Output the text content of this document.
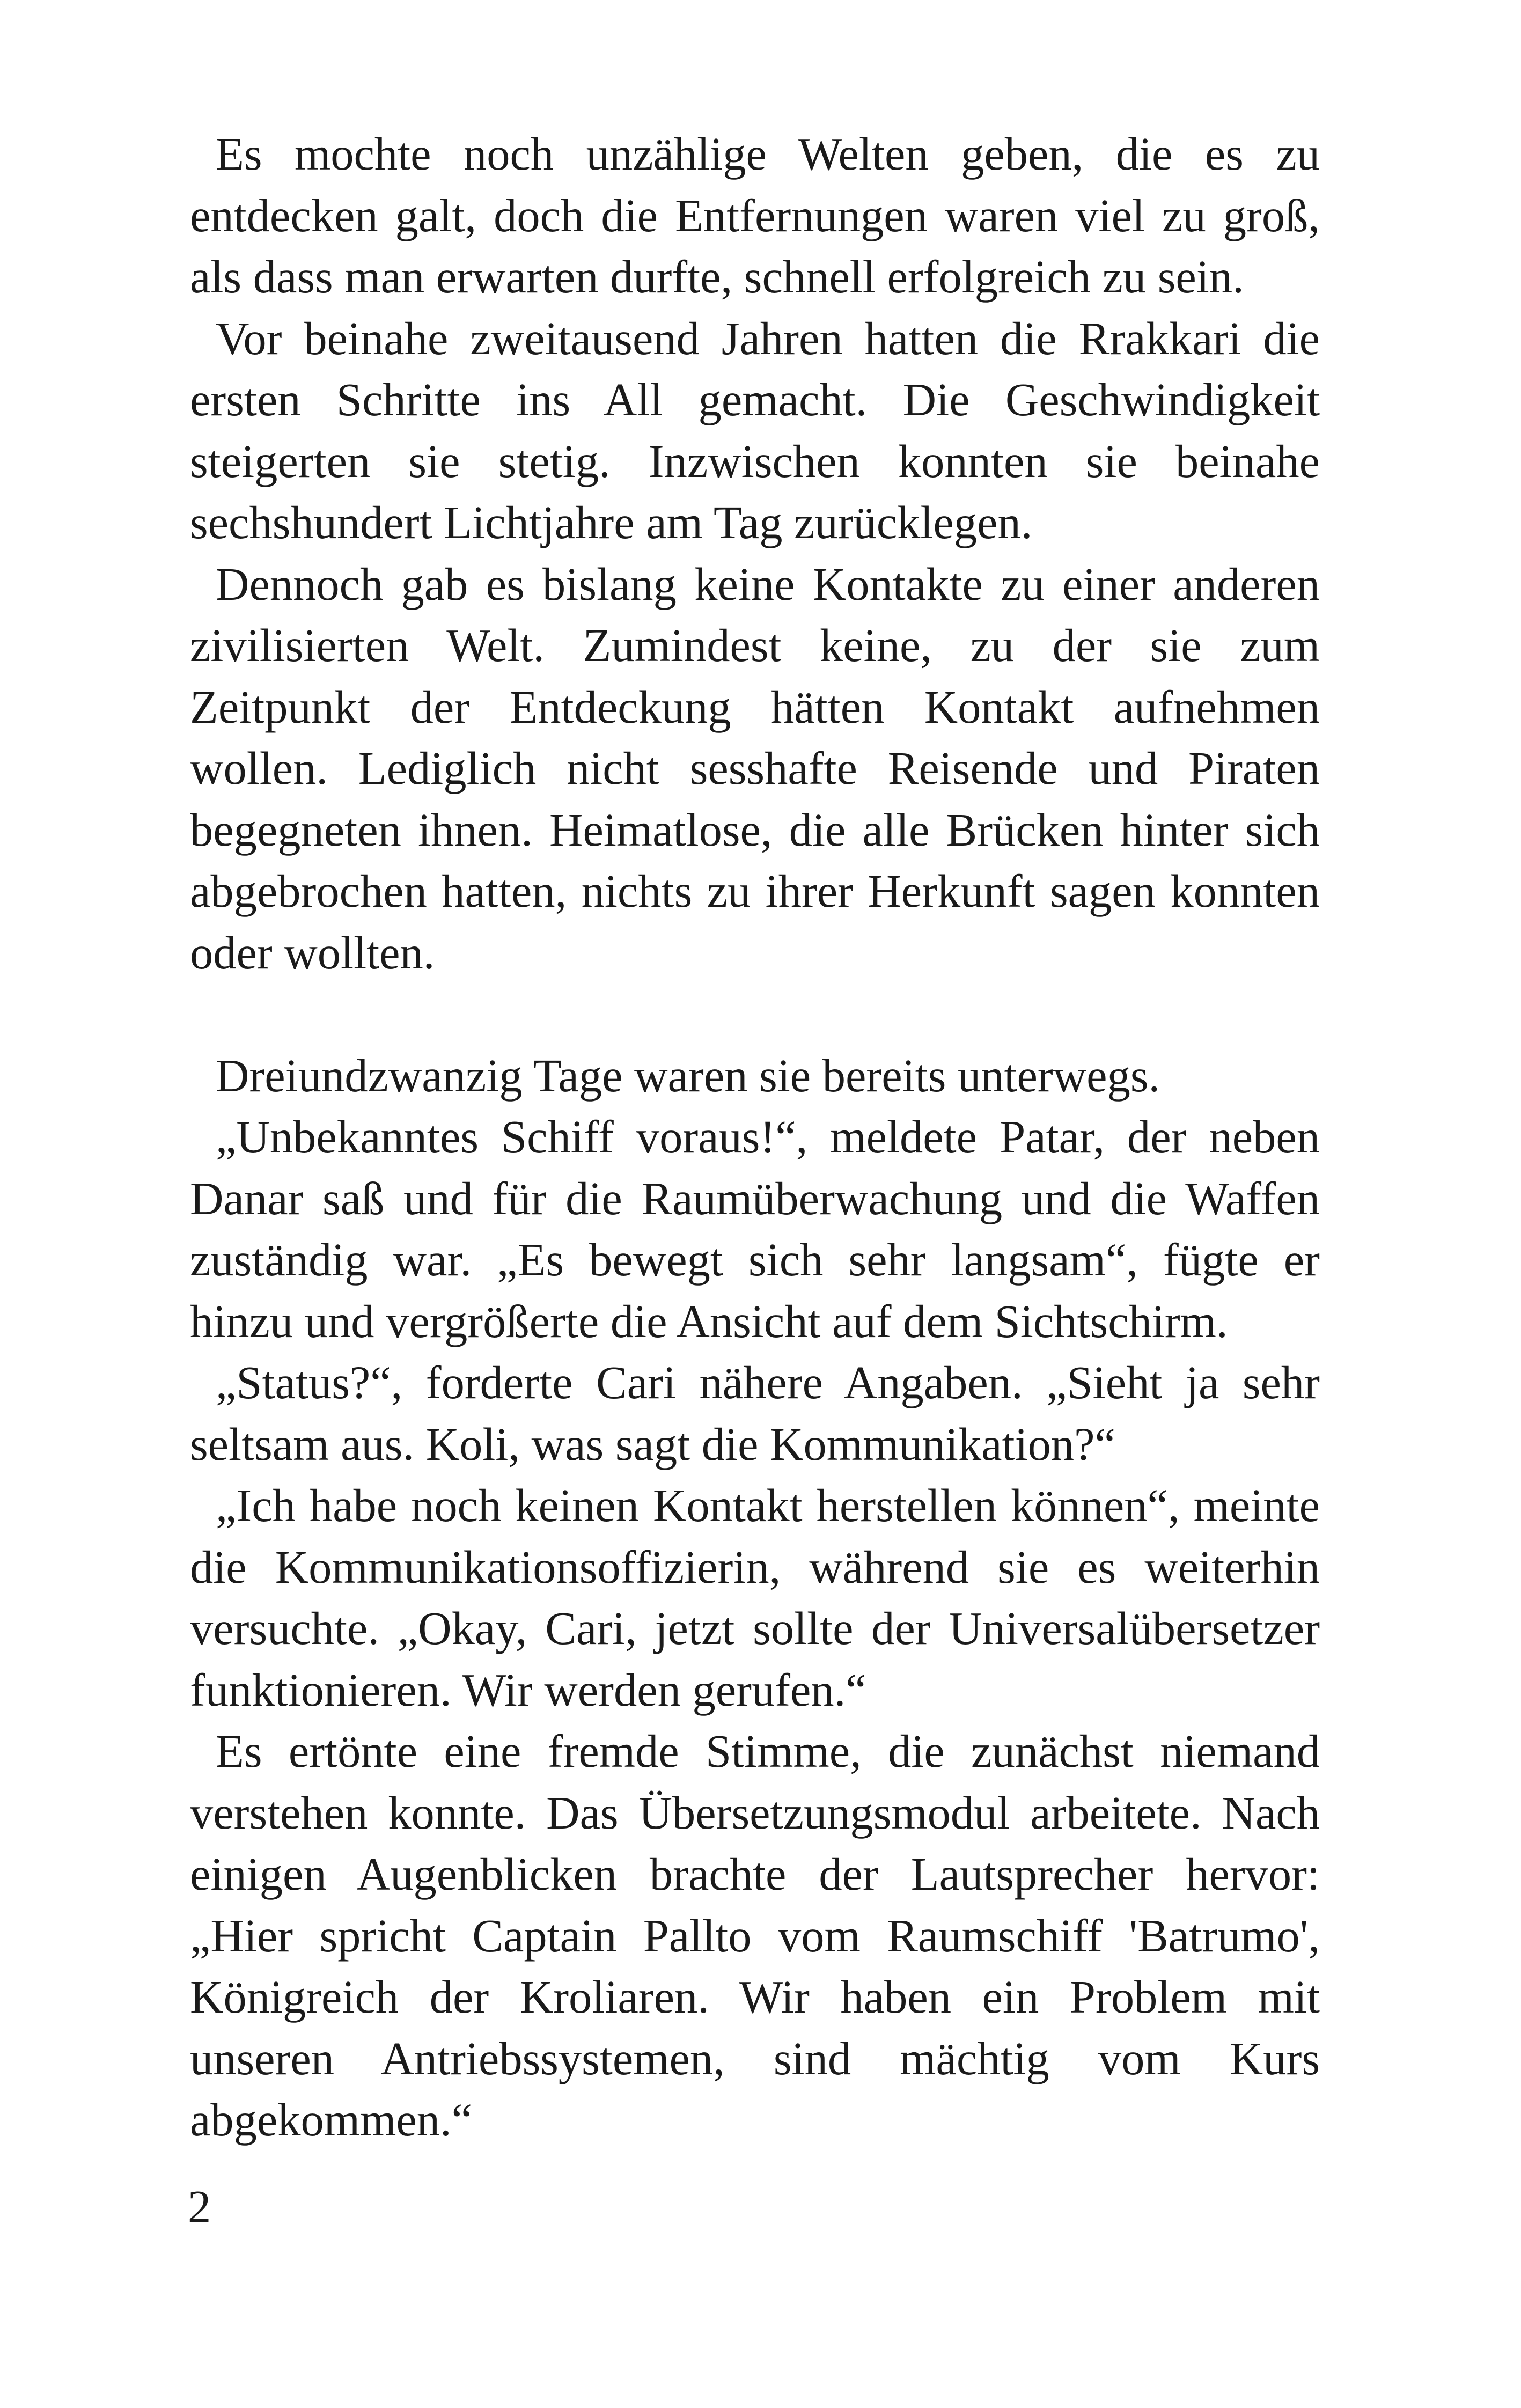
Es mochte noch unzählige Welten geben, die es zu entdecken galt, doch die Entfernungen waren viel zu groß, als dass man erwarten durfte, schnell erfolgreich zu sein.

Vor beinahe zweitausend Jahren hatten die Rrakkari die ersten Schritte ins All gemacht. Die Geschwindigkeit steigerten sie stetig. Inzwischen konnten sie beinahe sechshundert Lichtjahre am Tag zurücklegen.

Dennoch gab es bislang keine Kontakte zu einer anderen zivilisierten Welt. Zumindest keine, zu der sie zum Zeitpunkt der Entdeckung hätten Kontakt aufnehmen wollen. Lediglich nicht sesshafte Reisende und Piraten begegneten ihnen. Heimatlose, die alle Brücken hinter sich abgebrochen hatten, nichts zu ihrer Herkunft sagen konnten oder wollten.

Dreiundzwanzig Tage waren sie bereits unterwegs.

„Unbekanntes Schiff voraus!“, meldete Patar, der neben Danar saß und für die Raumüberwachung und die Waffen zuständig war. „Es bewegt sich sehr langsam“, fügte er hinzu und vergrößerte die Ansicht auf dem Sichtschirm.

„Status?“, forderte Cari nähere Angaben. „Sieht ja sehr seltsam aus. Koli, was sagt die Kommunikation?“

„Ich habe noch keinen Kontakt herstellen können“, meinte die Kommunikationsoffizierin, während sie es weiterhin versuchte. „Okay, Cari, jetzt sollte der Universalübersetzer funktionieren. Wir werden gerufen.“

Es ertönte eine fremde Stimme, die zunächst niemand verstehen konnte. Das Übersetzungsmodul arbeitete. Nach einigen Augenblicken brachte der Lautsprecher hervor: „Hier spricht Captain Pallto vom Raumschiff 'Batrumo', Königreich der Kroliaren. Wir haben ein Problem mit unseren Antriebssystemen, sind mächtig vom Kurs abgekommen.“

2
